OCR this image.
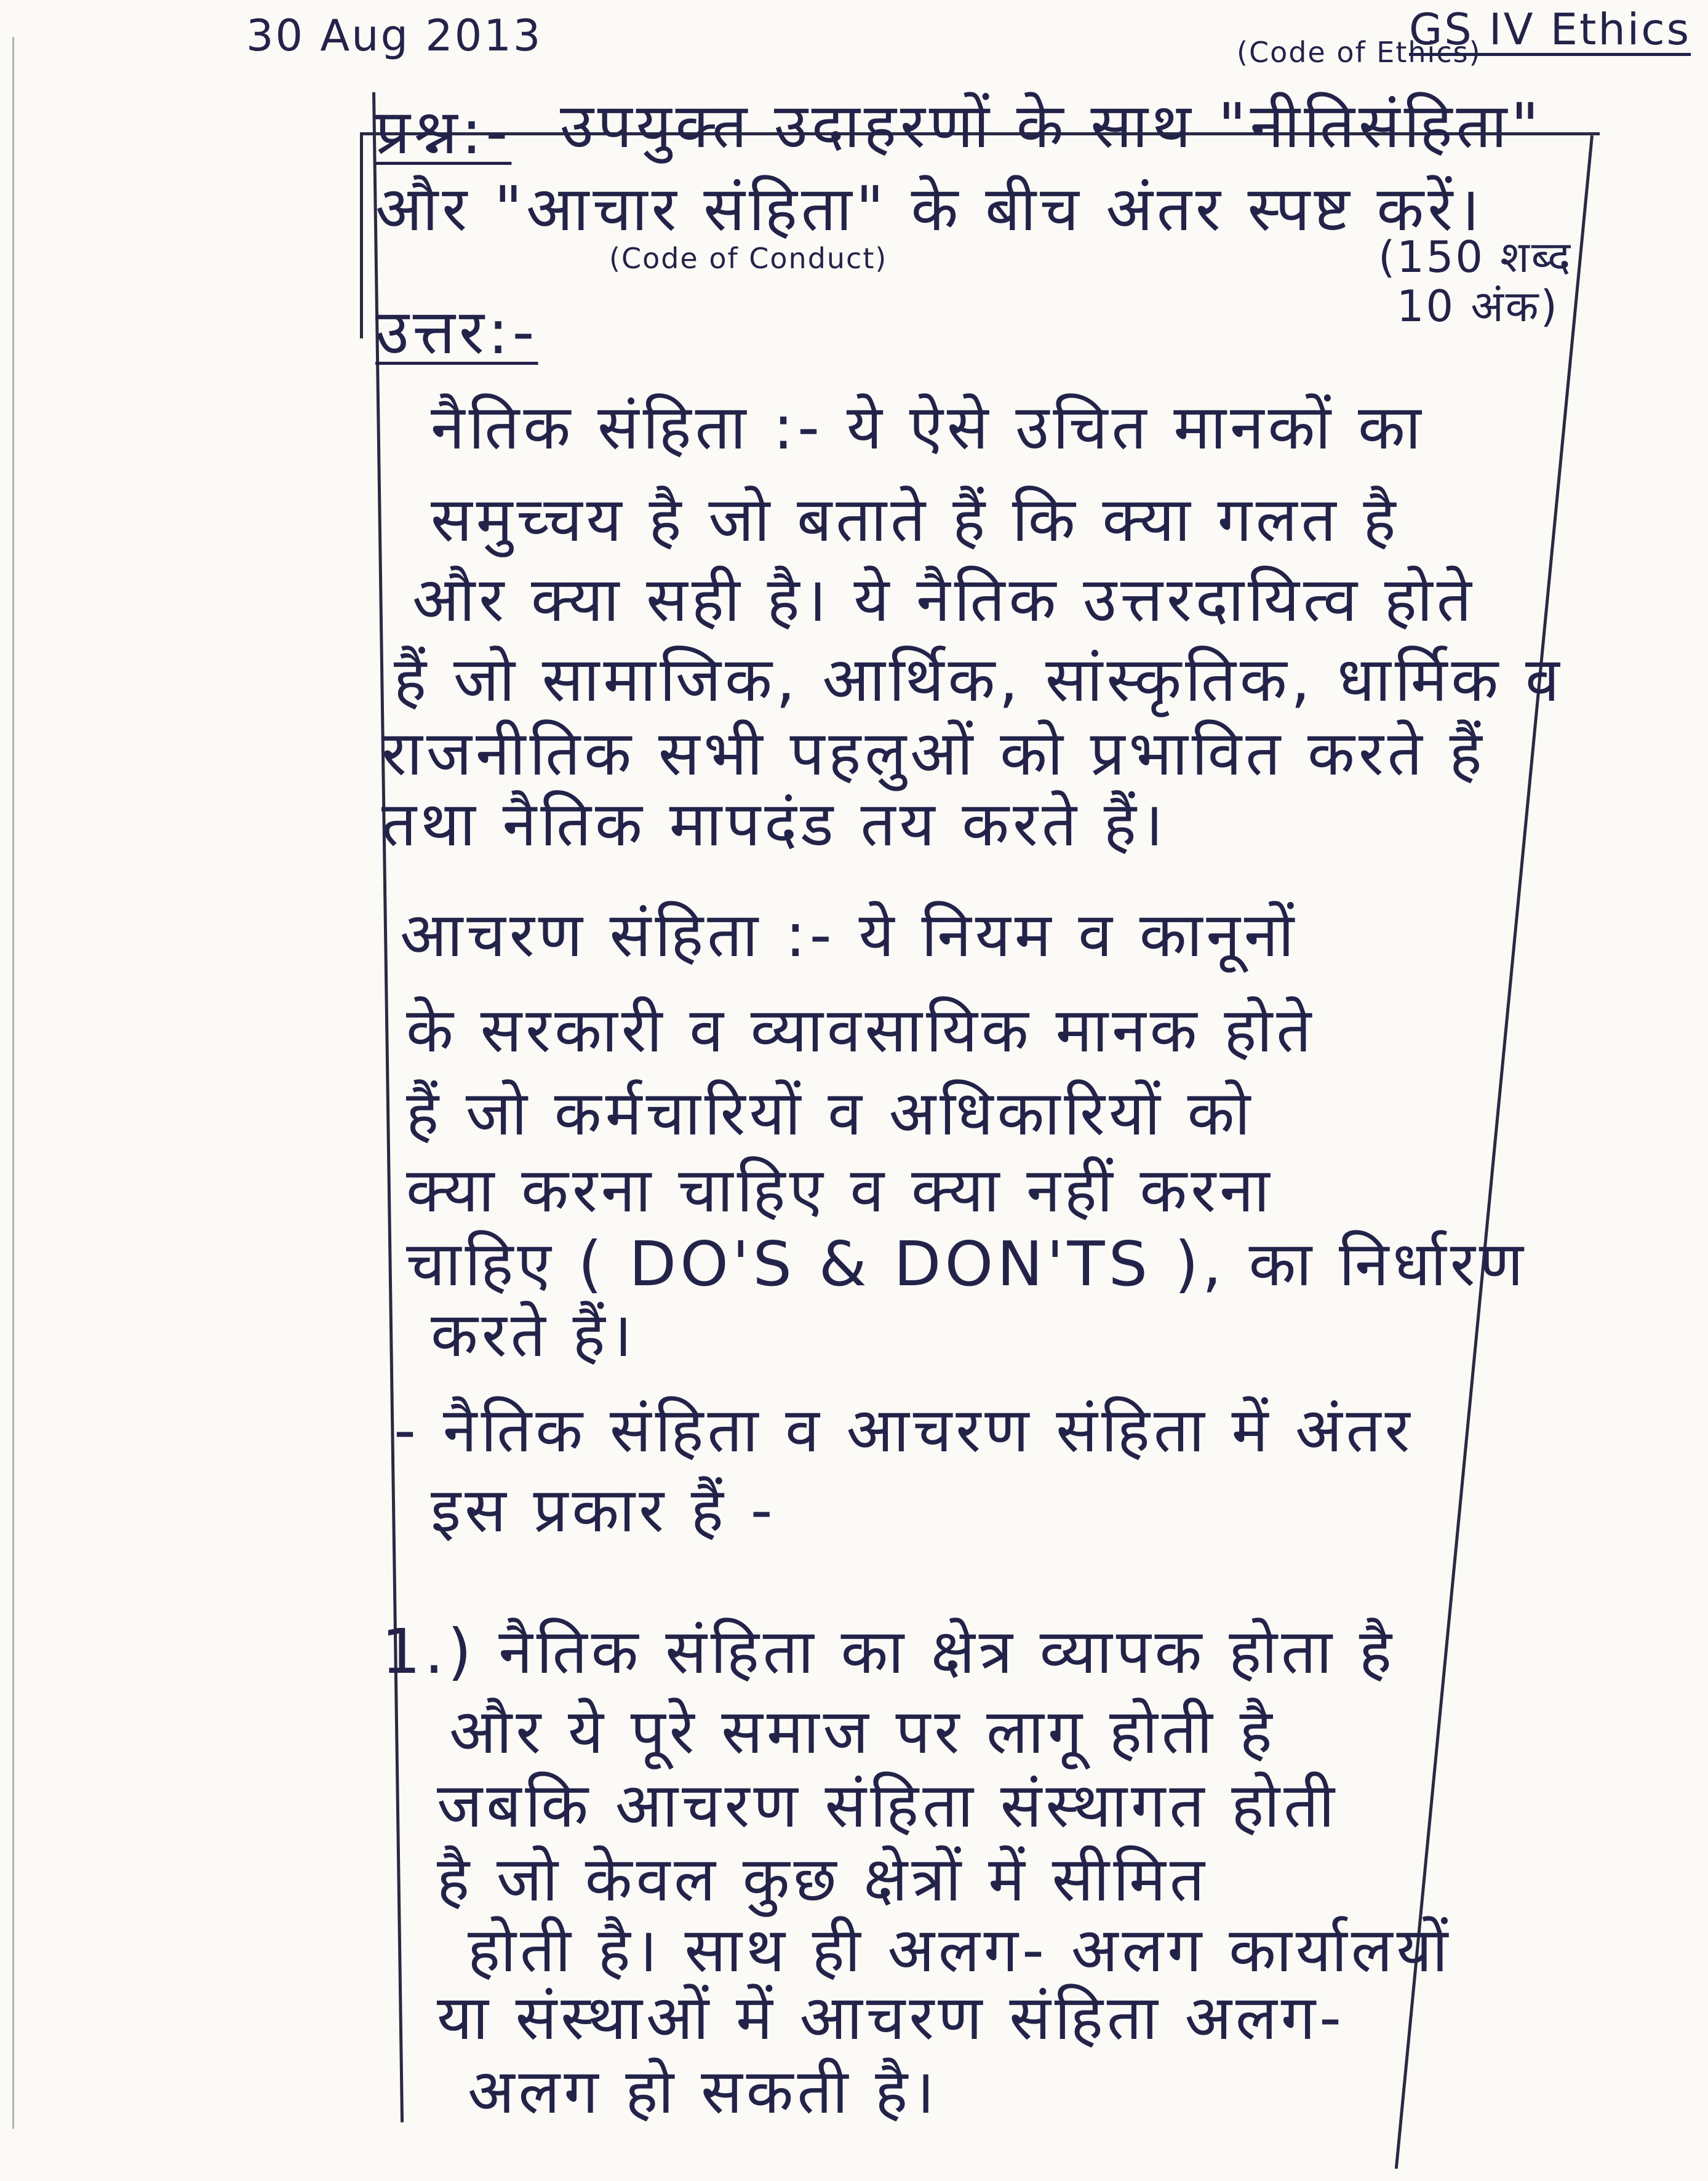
30 Aug 2013	(Code of Ethics)
GS IV Ethics
प्रश्न:- उपयुक्त उदाहरणों के साथ "नीतिसंहिता"
और "आचार संहिता" के बीच अंतर स्पष्ट करें।
(Code of Conduct)	(150 शब्द
10 अंक)
उत्तर:-
नैतिक संहिता :- ये ऐसे उचित मानकों का
समुच्चय है जो बताते हैं कि क्या गलत है
और क्या सही है। ये नैतिक उत्तरदायित्व होते
हैं जो सामाजिक, आर्थिक, सांस्कृतिक, धार्मिक व
राजनीतिक सभी पहलुओं को प्रभावित करते हैं
तथा नैतिक मापदंड तय करते हैं।
आचरण संहिता :- ये नियम व कानूनों
के सरकारी व व्यावसायिक मानक होते
हैं जो कर्मचारियों व अधिकारियों को
क्या करना चाहिए व क्या नहीं करना
चाहिए ( DO'S & DON'TS ), का निर्धारण
करते हैं।
- नैतिक संहिता व आचरण संहिता में अंतर
इस प्रकार हैं -
1.) नैतिक संहिता का क्षेत्र व्यापक होता है
और ये पूरे समाज पर लागू होती है
जबकि आचरण संहिता संस्थागत होती
है जो केवल कुछ क्षेत्रों में सीमित
होती है। साथ ही अलग- अलग कार्यालयों
या संस्थाओं में आचरण संहिता अलग-
अलग हो सकती है।
